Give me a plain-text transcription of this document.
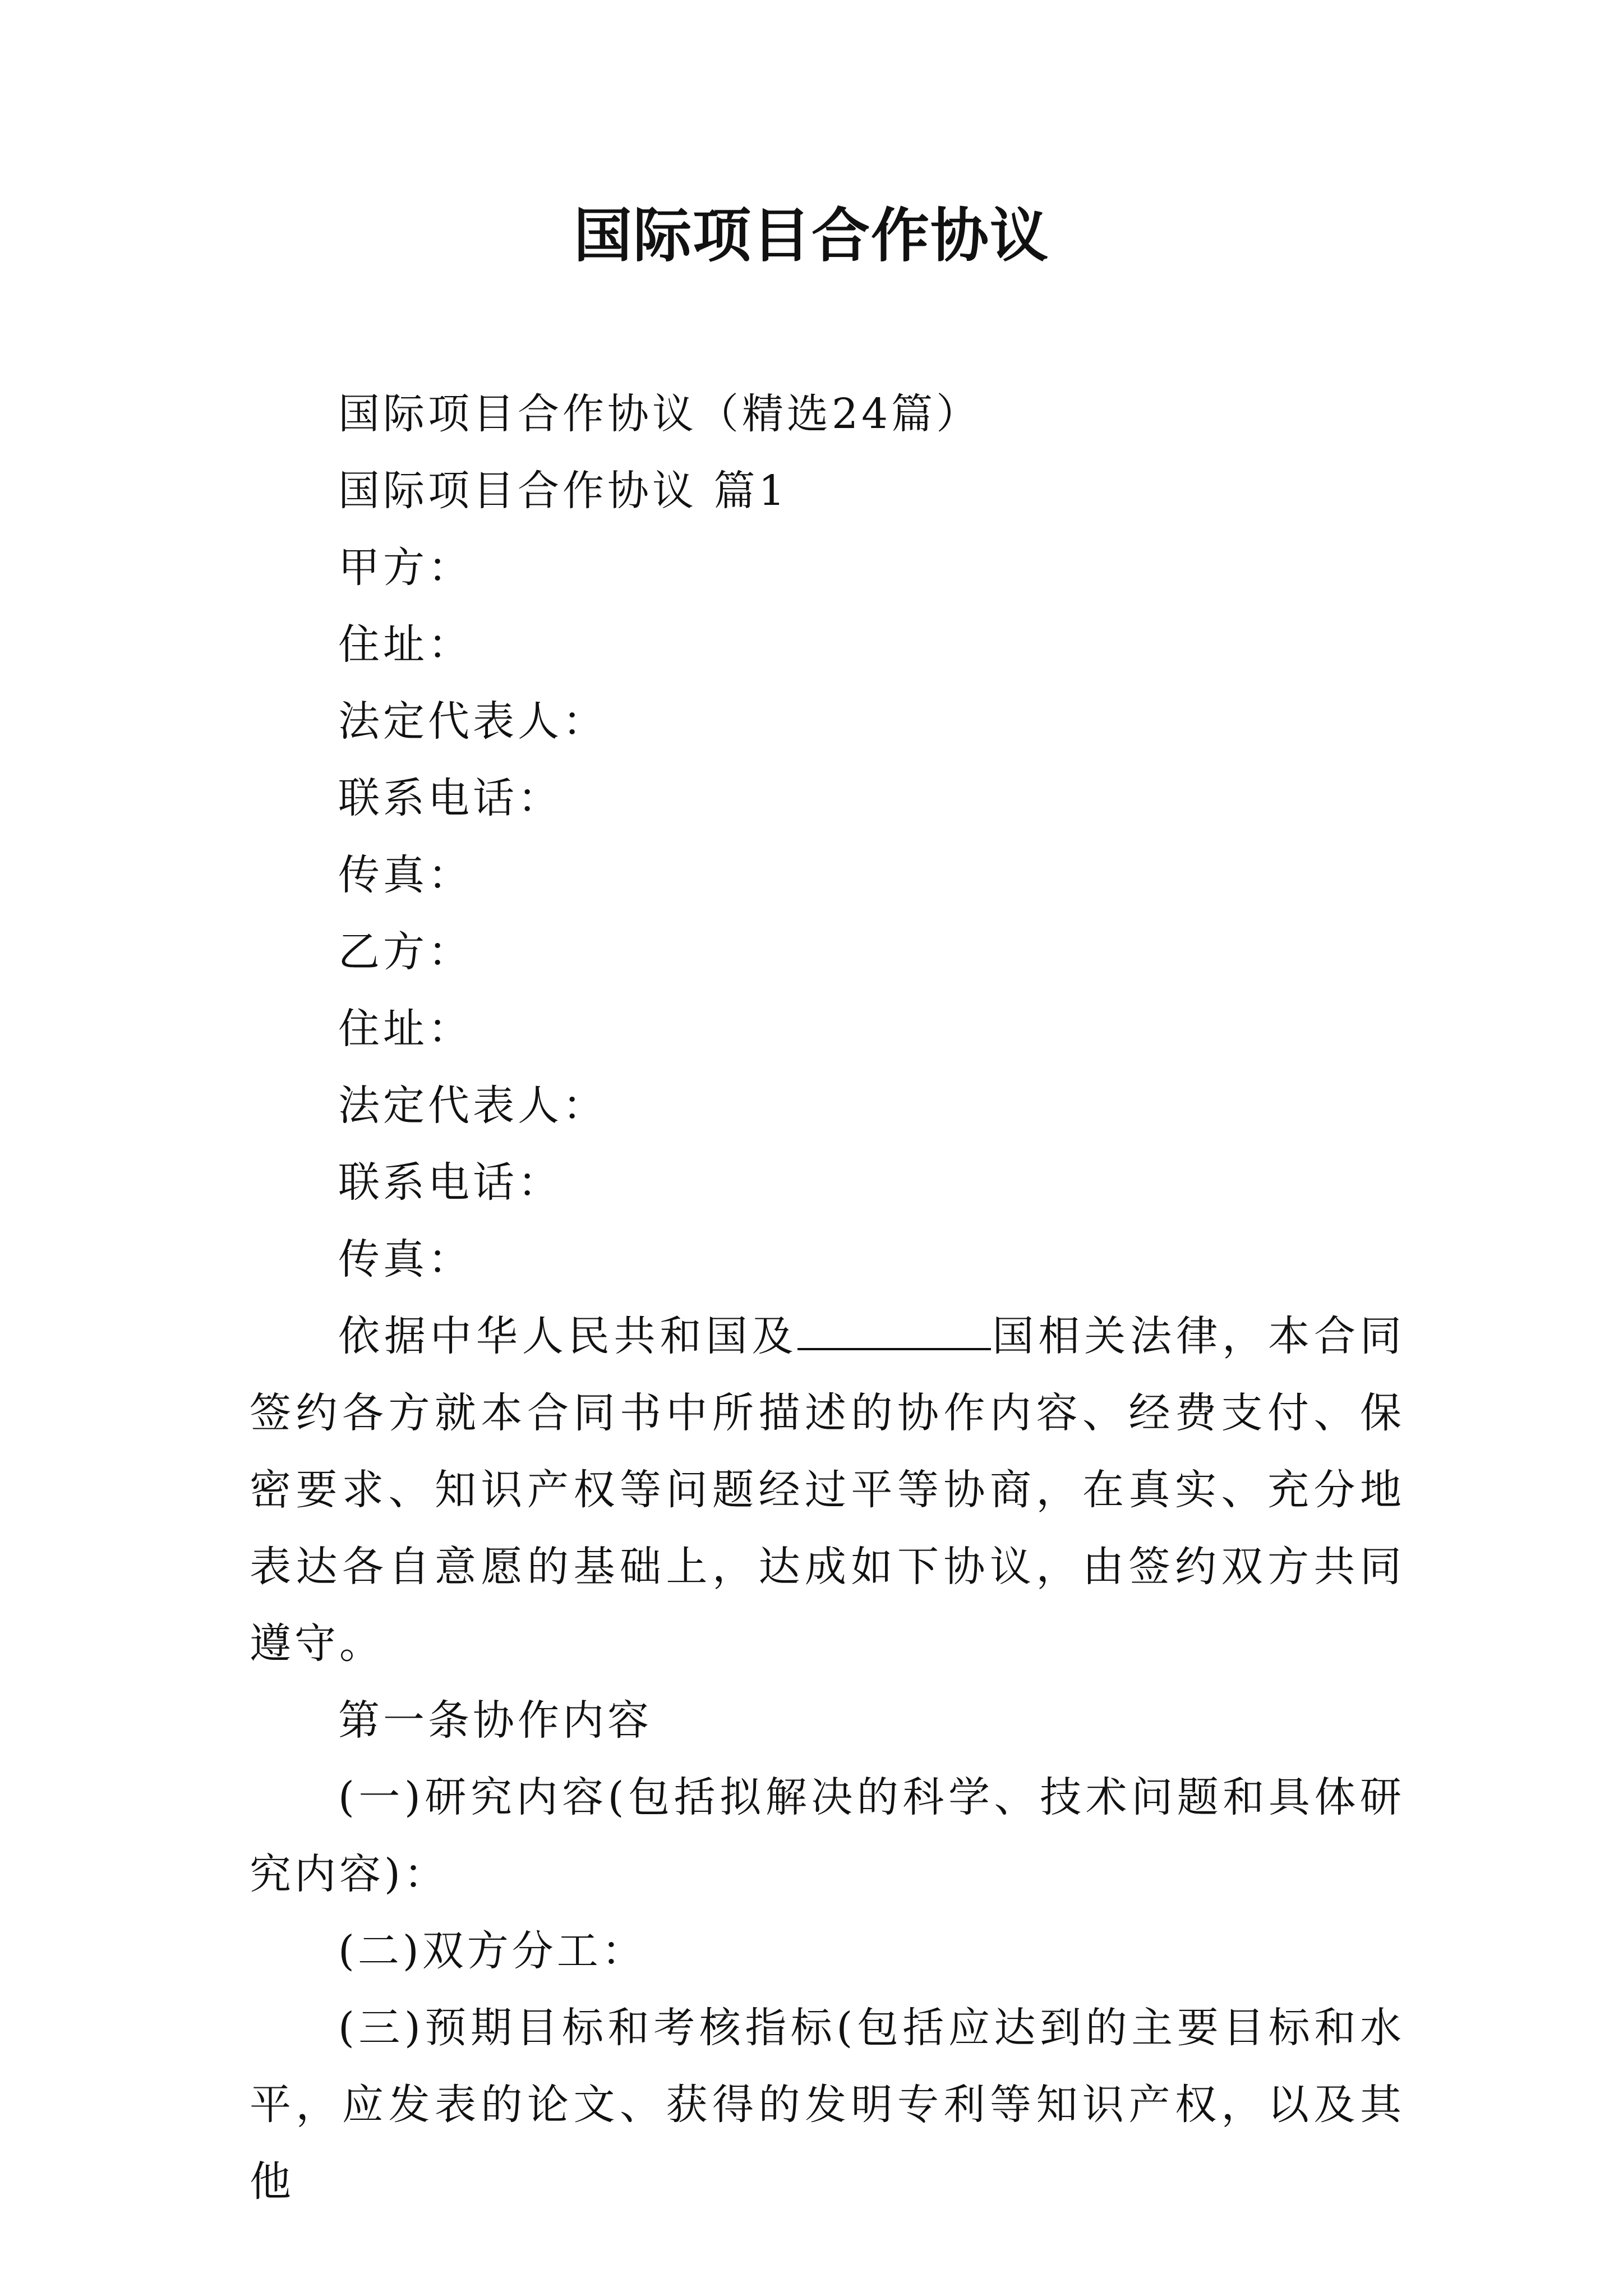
国际项目合作协议

国际项目合作协议（精选24篇）

国际项目合作协议 篇1

甲方：

住址：

法定代表人：

联系电话：

传真：

乙方：

住址：

法定代表人：

联系电话：

传真：

依据中华人民共和国及	国相关法律，本合同签约各方就本合同书中所描述的协作内容、经费支付、保密要求、知识产权等问题经过平等协商，在真实、充分地表达各自意愿的基础上，达成如下协议，由签约双方共同遵守。

第一条协作内容

(一)研究内容(包括拟解决的科学、技术问题和具体研究内容)：

(二)双方分工：

(三)预期目标和考核指标(包括应达到的主要目标和水平，应发表的论文、获得的发明专利等知识产权，以及其他
